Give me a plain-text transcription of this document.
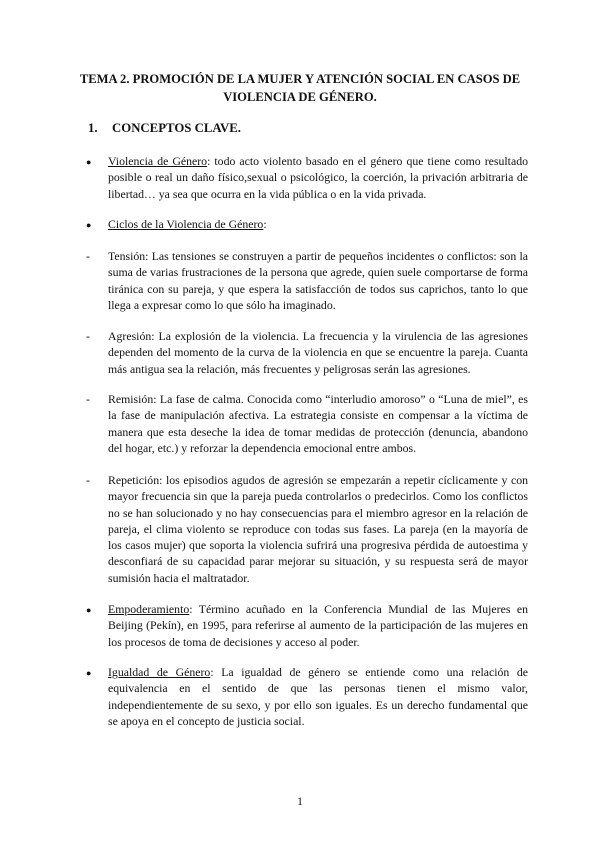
TEMA 2. PROMOCIÓN DE LA MUJER Y ATENCIÓN SOCIAL EN CASOS DE VIOLENCIA DE GÉNERO.
1.	CONCEPTOS CLAVE.
●	Violencia de Género: todo acto violento basado en el género que tiene como resultado posible o real un daño físico,sexual o psicológico, la coerción, la privación arbitraria de libertad… ya sea que ocurra en la vida pública o en la vida privada.
●	Ciclos de la Violencia de Género:
-	Tensión: Las tensiones se construyen a partir de pequeños incidentes o conflictos: son la suma de varias frustraciones de la persona que agrede, quien suele comportarse de forma tiránica con su pareja, y que espera la satisfacción de todos sus caprichos, tanto lo que llega a expresar como lo que sólo ha imaginado.
-	Agresión: La explosión de la violencia. La frecuencia y la virulencia de las agresiones dependen del momento de la curva de la violencia en que se encuentre la pareja. Cuanta más antigua sea la relación, más frecuentes y peligrosas serán las agresiones.
-	Remisión: La fase de calma. Conocida como “interludio amoroso” o “Luna de miel”, es la fase de manipulación afectiva. La estrategia consiste en compensar a la víctima de manera que esta deseche la idea de tomar medidas de protección (denuncia, abandono del hogar, etc.) y reforzar la dependencia emocional entre ambos.
-	Repetición: los episodios agudos de agresión se empezarán a repetir cíclicamente y con mayor frecuencia sin que la pareja pueda controlarlos o predecirlos. Como los conflictos no se han solucionado y no hay consecuencias para el miembro agresor en la relación de pareja, el clima violento se reproduce con todas sus fases. La pareja (en la mayoría de los casos mujer) que soporta la violencia sufrirá una progresiva pérdida de autoestima y desconfiará de su capacidad parar mejorar su situación, y su respuesta será de mayor sumisión hacia el maltratador.
●	Empoderamiento: Término acuñado en la Conferencia Mundial de las Mujeres en Beijing (Pekín), en 1995, para referirse al aumento de la participación de las mujeres en los procesos de toma de decisiones y acceso al poder.
●	Igualdad de Género: La igualdad de género se entiende como una relación de equivalencia en el sentido de que las personas tienen el mismo valor, independientemente de su sexo, y por ello son iguales. Es un derecho fundamental que se apoya en el concepto de justicia social.
1
